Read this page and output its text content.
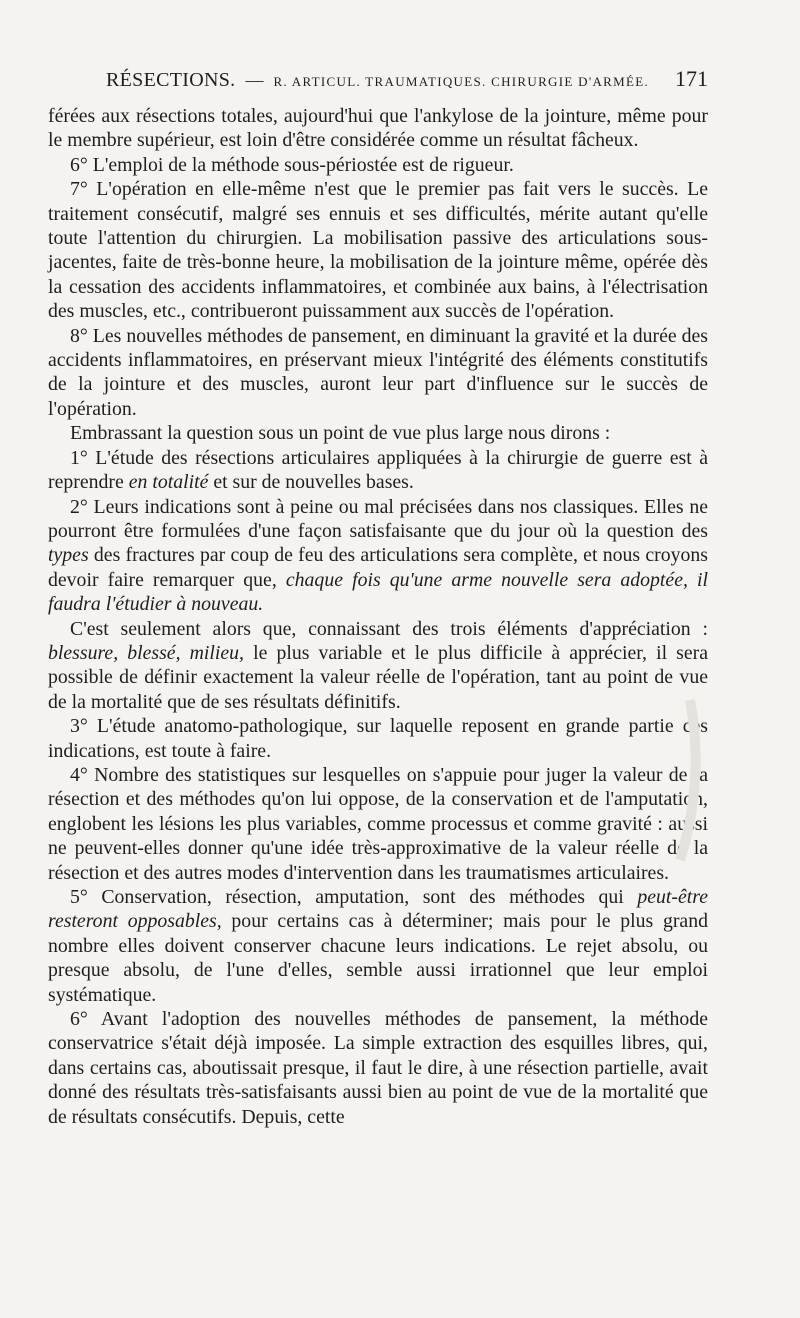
RÉSECTIONS. — R. ARTICUL. TRAUMATIQUES. CHIRURGIE D'ARMÉE. 171

férées aux résections totales, aujourd'hui que l'ankylose de la jointure, même pour le membre supérieur, est loin d'être considérée comme un résultat fâcheux.

6° L'emploi de la méthode sous-périostée est de rigueur.

7° L'opération en elle-même n'est que le premier pas fait vers le succès. Le traitement consécutif, malgré ses ennuis et ses difficultés, mérite autant qu'elle toute l'attention du chirurgien. La mobilisation passive des articulations sous-jacentes, faite de très-bonne heure, la mobilisation de la jointure même, opérée dès la cessation des accidents inflammatoires, et combinée aux bains, à l'électrisation des muscles, etc., contribueront puissamment aux succès de l'opération.

8° Les nouvelles méthodes de pansement, en diminuant la gravité et la durée des accidents inflammatoires, en préservant mieux l'intégrité des éléments constitutifs de la jointure et des muscles, auront leur part d'influence sur le succès de l'opération.

Embrassant la question sous un point de vue plus large nous dirons :

1° L'étude des résections articulaires appliquées à la chirurgie de guerre est à reprendre en totalité et sur de nouvelles bases.

2° Leurs indications sont à peine ou mal précisées dans nos classiques. Elles ne pourront être formulées d'une façon satisfaisante que du jour où la question des types des fractures par coup de feu des articulations sera complète, et nous croyons devoir faire remarquer que, chaque fois qu'une arme nouvelle sera adoptée, il faudra l'étudier à nouveau.

C'est seulement alors que, connaissant des trois éléments d'appréciation : blessure, blessé, milieu, le plus variable et le plus difficile à apprécier, il sera possible de définir exactement la valeur réelle de l'opération, tant au point de vue de la mortalité que de ses résultats définitifs.

3° L'étude anatomo-pathologique, sur laquelle reposent en grande partie ces indications, est toute à faire.

4° Nombre des statistiques sur lesquelles on s'appuie pour juger la valeur de la résection et des méthodes qu'on lui oppose, de la conservation et de l'amputation, englobent les lésions les plus variables, comme processus et comme gravité : aussi ne peuvent-elles donner qu'une idée très-approximative de la valeur réelle de la résection et des autres modes d'intervention dans les traumatismes articulaires.

5° Conservation, résection, amputation, sont des méthodes qui peut-être resteront opposables, pour certains cas à déterminer; mais pour le plus grand nombre elles doivent conserver chacune leurs indications. Le rejet absolu, ou presque absolu, de l'une d'elles, semble aussi irrationnel que leur emploi systématique.

6° Avant l'adoption des nouvelles méthodes de pansement, la méthode conservatrice s'était déjà imposée. La simple extraction des esquilles libres, qui, dans certains cas, aboutissait presque, il faut le dire, à une résection partielle, avait donné des résultats très-satisfaisants aussi bien au point de vue de la mortalité que de résultats consécutifs. Depuis, cette
